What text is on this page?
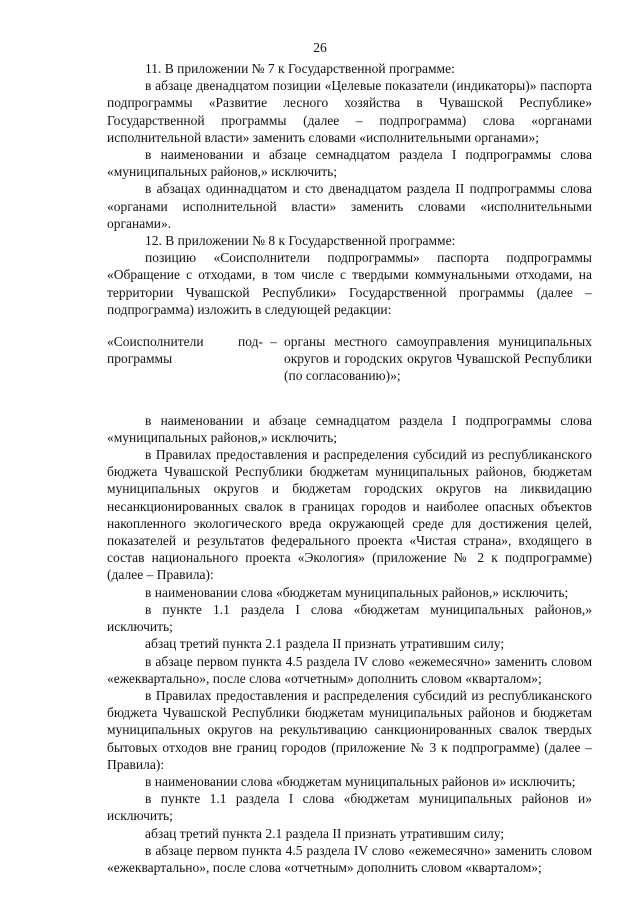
26

11. В приложении № 7 к Государственной программе:

в абзаце двенадцатом позиции «Целевые показатели (индикаторы)» паспорта подпрограммы «Развитие лесного хозяйства в Чувашской Республике» Государственной программы (далее – подпрограмма) слова «органами исполнительной власти» заменить словами «исполнительными органами»;

в наименовании и абзаце семнадцатом раздела I подпрограммы слова «муниципальных районов,» исключить;

в абзацах одиннадцатом и сто двенадцатом раздела II подпрограммы слова «органами исполнительной власти» заменить словами «исполнительными органами».

12. В приложении № 8 к Государственной программе:

позицию «Соисполнители подпрограммы» паспорта подпрограммы «Обращение с отходами, в том числе с твердыми коммунальными отходами, на территории Чувашской Республики» Государственной программы (далее – подпрограмма) изложить в следующей редакции:

«Соисполнители под-
программы
– органы местного самоуправления муниципальных округов и городских округов Чувашской Республики (по согласованию)»;

в наименовании и абзаце семнадцатом раздела I подпрограммы слова «муниципальных районов,» исключить;

в Правилах предоставления и распределения субсидий из республиканского бюджета Чувашской Республики бюджетам муниципальных районов, бюджетам муниципальных округов и бюджетам городских округов на ликвидацию несанкционированных свалок в границах городов и наиболее опасных объектов накопленного экологического вреда окружающей среде для достижения целей, показателей и результатов федерального проекта «Чистая страна», входящего в состав национального проекта «Экология» (приложение № 2 к подпрограмме) (далее – Правила):

в наименовании слова «бюджетам муниципальных районов,» исключить;

в пункте 1.1 раздела I слова «бюджетам муниципальных районов,» исключить;

абзац третий пункта 2.1 раздела II признать утратившим силу;

в абзаце первом пункта 4.5 раздела IV слово «ежемесячно» заменить словом «ежеквартально», после слова «отчетным» дополнить словом «кварталом»;

в Правилах предоставления и распределения субсидий из республиканского бюджета Чувашской Республики бюджетам муниципальных районов и бюджетам муниципальных округов на рекультивацию санкционированных свалок твердых бытовых отходов вне границ городов (приложение № 3 к подпрограмме) (далее – Правила):

в наименовании слова «бюджетам муниципальных районов и» исключить;

в пункте 1.1 раздела I слова «бюджетам муниципальных районов и» исключить;

абзац третий пункта 2.1 раздела II признать утратившим силу;

в абзаце первом пункта 4.5 раздела IV слово «ежемесячно» заменить словом «ежеквартально», после слова «отчетным» дополнить словом «кварталом»;
